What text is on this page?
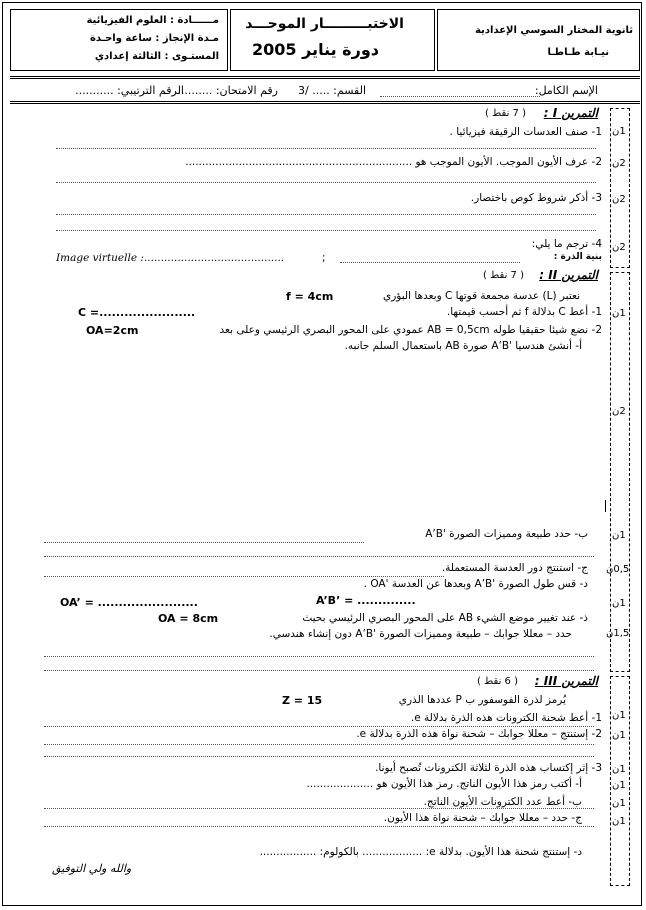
ثانوية المختار السوسي الإعدادية
نيـابة طـاطـا
الاختبـــــــــار الموحـــد
دورة يناير 2005
مــــــادة : العلوم الفيزيائية
مـدة الإنجاز : ساعة واحـدة
المستـوى : الثالثة إعدادي
الإسم الكامل:
القسم: ..... /3
رقم الامتحان: ..........
الرقم الترتيبي: ...........
التمرين I :
( 7 نقط )
1- صنف العدسات الرقيقة فيزيائيا .
2- عرف الأيون الموجب. الأيون الموجب هو ....................................................................
3- أذكر شروط كوص باختصار.
4- ترجم ما يلي:
بنية الذرة :
;
Image virtuelle :..........................................
1ن
2ن
2ن
2ن
التمرين II :
( 7 نقط )
نعتبر (L) عدسة مجمعة قوتها C وبعدها البؤري
f = 4cm
1- أعط C بدلالة f ثم أحسب قيمتها.
C =.......................
2- نضع شيئا حقيقيا طوله AB = 0,5cm عمودي على المحور البصري الرئيسي وعلى بعد
OA=2cm
أ- أنشئ هندسيا 'A’B صورة AB باستعمال السلم جانبه.
ب- حدد طبيعة ومميزات الصورة 'A’B
ج- استنتج دور العدسة المستعملة.
د- قس طول الصورة 'A’B وبعدها عن العدسة 'OA .
A’B’ = ..............
OA’ = ........................
ذ- عند تغيير موضع الشيء AB على المحور البصري الرئيسي بحيث
OA = 8cm
حدد – معللا جوابك – طبيعة ومميزات الصورة 'A’B دون إنشاء هندسي.
1ن
2ن
1ن
0,5ن
1ن
1,5ن
التمرين III :
( 6 نقط )
يُرمز لذرة الفوسفور ب P عددها الذري
Z = 15
1- أعط شحنة الكترونات هذه الذرة بدلالة e.
2- إستنتج – معللا جوابك – شحنة نواة هذه الذرة بدلالة e.
3- إثر إكتساب هذه الذرة لثلاثة الكترونات تُصبح أيونا.
أ- أكتب رمز هذا الأيون الناتج. رمز هذا الأيون هو ....................
ب- أعط عدد الكترونات الأيون الناتج.
ج- حدد – معللا جوابك – شحنة نواة هذا الأيون.
د- إستنتج شحنة هذا الأيون. بدلالة e: .................. بالكولوم: .................
1ن
1ن
1ن
1ن
1ن
1ن
والله ولي التوفيق
